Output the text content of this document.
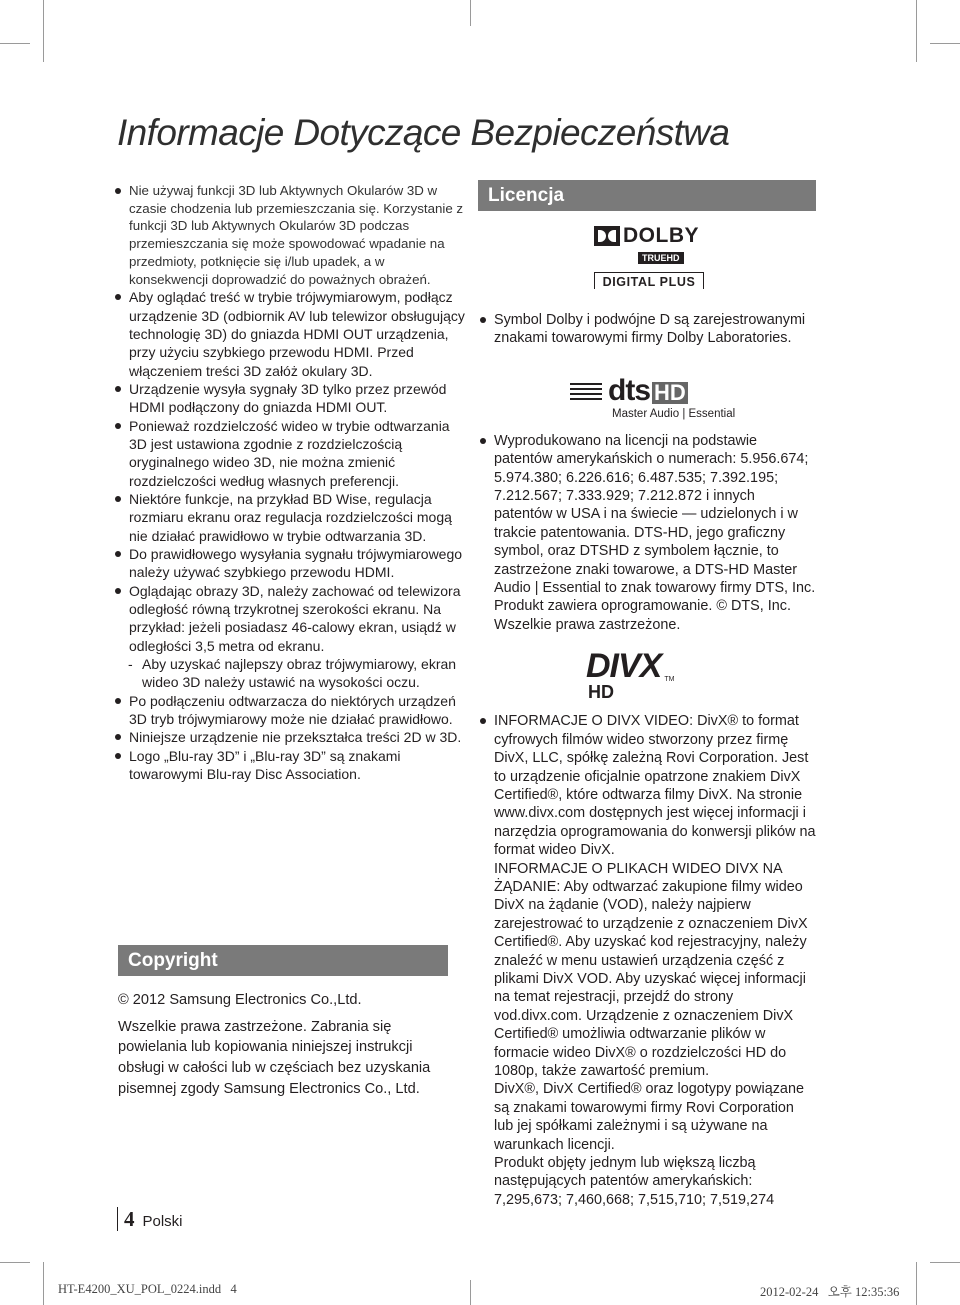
Informacje Dotyczące Bezpieczeństwa
Nie używaj funkcji 3D lub Aktywnych Okularów 3D w czasie chodzenia lub przemieszczania się. Korzystanie z funkcji 3D lub Aktywnych Okularów 3D podczas przemieszczania się może spowodować wpadanie na przedmioty, potknięcie się i/lub upadek, a w konsekwencji doprowadzić do poważnych obrażeń.
Aby oglądać treść w trybie trójwymiarowym, podłącz urządzenie 3D (odbiornik AV lub telewizor obsługujący technologię 3D) do gniazda HDMI OUT urządzenia, przy użyciu szybkiego przewodu HDMI. Przed włączeniem treści 3D załóż okulary 3D.
Urządzenie wysyła sygnały 3D tylko przez przewód HDMI podłączony do gniazda HDMI OUT.
Ponieważ rozdzielczość wideo w trybie odtwarzania 3D jest ustawiona zgodnie z rozdzielczością oryginalnego wideo 3D, nie można zmienić rozdzielczości według własnych preferencji.
Niektóre funkcje, na przykład BD Wise, regulacja rozmiaru ekranu oraz regulacja rozdzielczości mogą nie działać prawidłowo w trybie odtwarzania 3D.
Do prawidłowego wysyłania sygnału trójwymiarowego należy używać szybkiego przewodu HDMI.
Oglądając obrazy 3D, należy zachować od telewizora odległość równą trzykrotnej szerokości ekranu. Na przykład: jeżeli posiadasz 46-calowy ekran, usiądź w odległości 3,5 metra od ekranu.
- Aby uzyskać najlepszy obraz trójwymiarowy, ekran wideo 3D należy ustawić na wysokości oczu.
Po podłączeniu odtwarzacza do niektórych urządzeń 3D tryb trójwymiarowy może nie działać prawidłowo.
Niniejsze urządzenie nie przekształca treści 2D w 3D.
Logo „Blu-ray 3D” i „Blu-ray 3D” są znakami towarowymi Blu-ray Disc Association.
Copyright

© 2012 Samsung Electronics Co.,Ltd.

Wszelkie prawa zastrzeżone. Zabrania się powielania lub kopiowania niniejszej instrukcji obsługi w całości lub w częściach bez uzyskania pisemnej zgody Samsung Electronics Co., Ltd.

Licencja
DOLBY
TRUEHD
DIGITAL PLUS
Symbol Dolby i podwójne D są zarejestrowanymi znakami towarowymi firmy Dolby Laboratories.
dts HD
Master Audio | Essential
Wyprodukowano na licencji na podstawie patentów amerykańskich o numerach: 5.956.674; 5.974.380; 6.226.616; 6.487.535; 7.392.195; 7.212.567; 7.333.929; 7.212.872 i innych patentów w USA i na świecie — udzielonych i w trakcie patentowania. DTS-HD, jego graficzny symbol, oraz DTSHD z symbolem łącznie, to zastrzeżone znaki towarowe, a DTS-HD Master Audio | Essential to znak towarowy firmy DTS, Inc. Produkt zawiera oprogramowanie. © DTS, Inc. Wszelkie prawa zastrzeżone.
DIVX TM
HD
INFORMACJE O DIVX VIDEO: DivX® to format cyfrowych filmów wideo stworzony przez firmę DivX, LLC, spółkę zależną Rovi Corporation. Jest to urządzenie oficjalnie opatrzone znakiem DivX Certified®, które odtwarza filmy DivX. Na stronie www.divx.com dostępnych jest więcej informacji i narzędzia oprogramowania do konwersji plików na format wideo DivX.
INFORMACJE O PLIKACH WIDEO DIVX NA ŻĄDANIE: Aby odtwarzać zakupione filmy wideo DivX na żądanie (VOD), należy najpierw zarejestrować to urządzenie z oznaczeniem DivX Certified®. Aby uzyskać kod rejestracyjny, należy znaleźć w menu ustawień urządzenia część z plikami DivX VOD. Aby uzyskać więcej informacji na temat rejestracji, przejdź do strony vod.divx.com. Urządzenie z oznaczeniem DivX Certified® umożliwia odtwarzanie plików w formacie wideo DivX® o rozdzielczości HD do 1080p, także zawartość premium.
DivX®, DivX Certified® oraz logotypy powiązane są znakami towarowymi firmy Rovi Corporation lub jej spółkami zależnymi i są używane na warunkach licencji.
Produkt objęty jednym lub większą liczbą następujących patentów amerykańskich: 7,295,673; 7,460,668; 7,515,710; 7,519,274
4 Polski
HT-E4200_XU_POL_0224.indd   4	2012-02-24   오후 12:35:36
